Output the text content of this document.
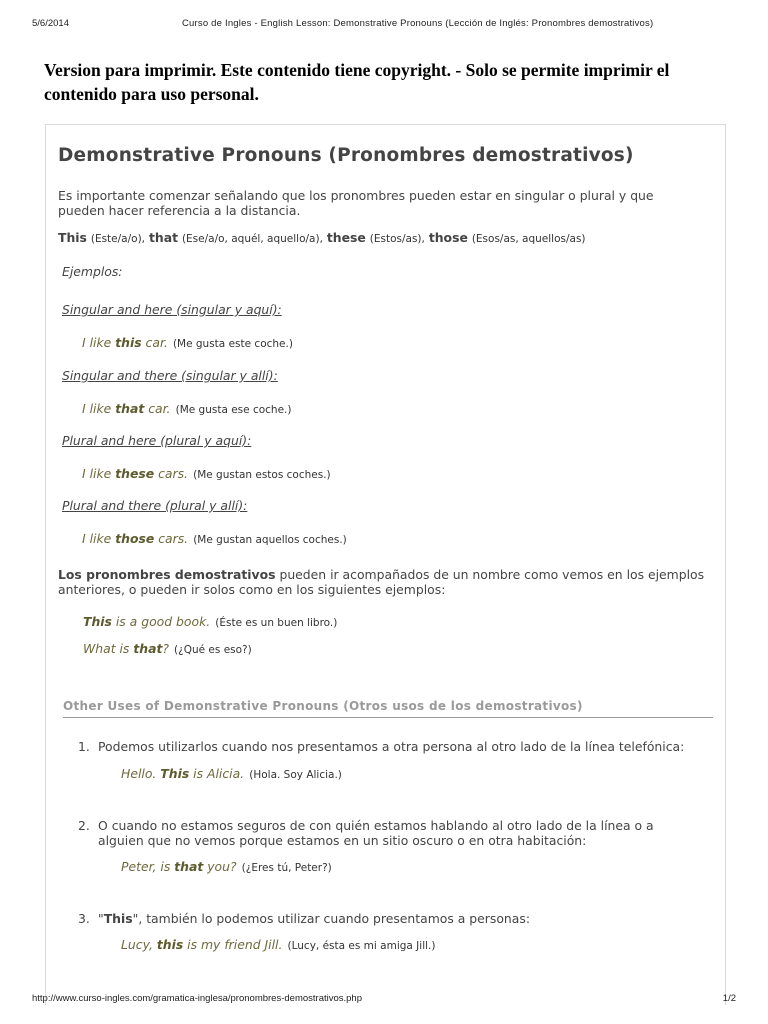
5/6/2014	Curso de Ingles - English Lesson: Demonstrative Pronouns (Lección de Inglés: Pronombres demostrativos)
Version para imprimir. Este contenido tiene copyright. - Solo se permite imprimir el contenido para uso personal.
Demonstrative Pronouns (Pronombres demostrativos)
Es importante comenzar señalando que los pronombres pueden estar en singular o plural y que pueden hacer referencia a la distancia.
This (Este/a/o), that (Ese/a/o, aquél, aquello/a), these (Estos/as), those (Esos/as, aquellos/as)
Ejemplos:
Singular and here (singular y aquí):
I like this car. (Me gusta este coche.)
Singular and there (singular y allí):
I like that car. (Me gusta ese coche.)
Plural and here (plural y aquí):
I like these cars. (Me gustan estos coches.)
Plural and there (plural y allí):
I like those cars. (Me gustan aquellos coches.)
Los pronombres demostrativos pueden ir acompañados de un nombre como vemos en los ejemplos anteriores, o pueden ir solos como en los siguientes ejemplos:
This is a good book. (Éste es un buen libro.)
What is that? (¿Qué es eso?)
Other Uses of Demonstrative Pronouns (Otros usos de los demostrativos)
1. Podemos utilizarlos cuando nos presentamos a otra persona al otro lado de la línea telefónica:
Hello. This is Alicia. (Hola. Soy Alicia.)
2. O cuando no estamos seguros de con quién estamos hablando al otro lado de la línea o a alguien que no vemos porque estamos en un sitio oscuro o en otra habitación:
Peter, is that you? (¿Eres tú, Peter?)
3. "This", también lo podemos utilizar cuando presentamos a personas:
Lucy, this is my friend Jill. (Lucy, ésta es mi amiga Jill.)
http://www.curso-ingles.com/gramatica-inglesa/pronombres-demostrativos.php	1/2
